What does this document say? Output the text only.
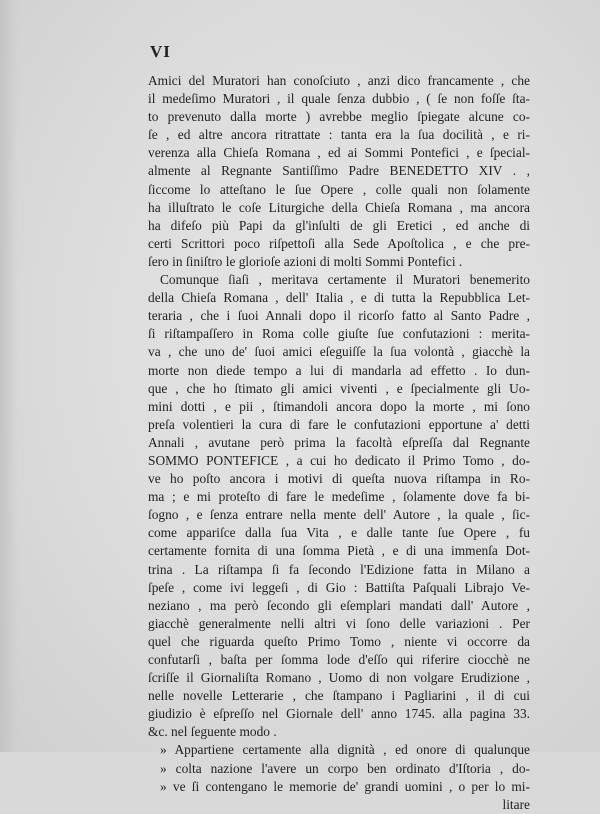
VI
Amici del Muratori han conoſciuto , anzi dico francamente , che
il medeſimo Muratori , il quale ſenza dubbio , ( ſe non foſſe ſta-
to prevenuto dalla morte ) avrebbe meglio ſpiegate alcune co-
ſe , ed altre ancora ritrattate : tanta era la ſua docilità , e ri-
verenza alla Chieſa Romana , ed ai Sommi Pontefici , e ſpecial-
almente al Regnante Santiſſimo Padre BENEDETTO XIV . ,
ſiccome lo atteſtano le ſue Opere , colle quali non ſolamente
ha illuſtrato le coſe Liturgiche della Chieſa Romana , ma ancora
ha difeſo più Papi da gl'inſulti de gli Eretici , ed anche di
certi Scrittori poco riſpettoſi alla Sede Apoſtolica , e che pre-
ſero in ſiniſtro le glorioſe azioni di molti Sommi Pontefici .
Comunque ſiaſi , meritava certamente il Muratori benemerito
della Chieſa Romana , dell' Italia , e di tutta la Repubblica Let-
teraria , che i ſuoi Annali dopo il ricorſo fatto al Santo Padre ,
ſi riſtampaſſero in Roma colle giuſte ſue confutazioni : merita-
va , che uno de' ſuoi amici eſeguiſſe la ſua volontà , giacchè la
morte non diede tempo a lui di mandarla ad effetto . Io dun-
que , che ho ſtimato gli amici viventi , e ſpecialmente gli Uo-
mini dotti , e pii , ſtimandoli ancora dopo la morte , mi ſono
preſa volentieri la cura di fare le confutazioni epportune a' detti
Annali , avutane però prima la facoltà eſpreſſa dal Regnante
SOMMO PONTEFICE , a cui ho dedicato il Primo Tomo , do-
ve ho poſto ancora i motivi di queſta nuova riſtampa in Ro-
ma ; e mi proteſto di fare le medeſime , ſolamente dove fa bi-
ſogno , e ſenza entrare nella mente dell' Autore , la quale , ſic-
come appariſce dalla ſua Vita , e dalle tante ſue Opere , fu
certamente fornita di una ſomma Pietà , e di una immenſa Dot-
trina . La riſtampa ſi fa ſecondo l'Edizione fatta in Milano a
ſpeſe , come ivi leggeſi , di Gio : Battiſta Paſquali Librajo Ve-
neziano , ma però ſecondo gli eſemplari mandati dall' Autore ,
giacchè generalmente nelli altri vi ſono delle variazioni . Per
quel che riguarda queſto Primo Tomo , niente vi occorre da
confutarſi , baſta per ſomma lode d'eſſo qui riferire ciocchè ne
ſcriſſe il Giornaliſta Romano , Uomo di non volgare Erudizione ,
nelle novelle Letterarie , che ſtampano i Pagliarini , il di cui
giudizio è eſpreſſo nel Giornale dell' anno 1745. alla pagina 33.
&c. nel ſeguente modo .
» Appartiene certamente alla dignità , ed onore di qualunque
» colta nazione l'avere un corpo ben ordinato d'Iſtoria , do-
» ve ſi contengano le memorie de' grandi uomini , o per lo mi-
litare
